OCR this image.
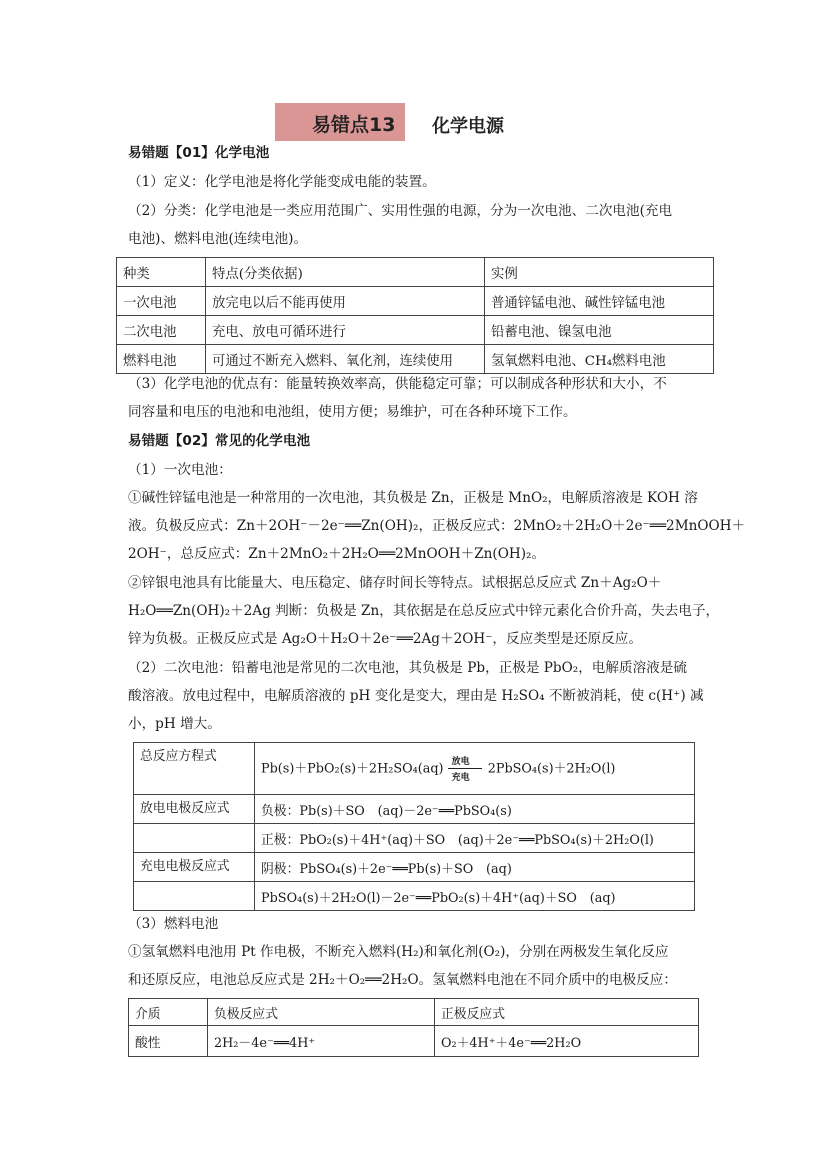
易错点13 化学电源
易错题【01】化学电池
（1）定义：化学电池是将化学能变成电能的装置。
（2）分类：化学电池是一类应用范围广、实用性强的电源，分为一次电池、二次电池(充电
电池)、燃料电池(连续电池)。
种类	特点(分类依据)	实例
一次电池	放完电以后不能再使用	普通锌锰电池、碱性锌锰电池
二次电池	充电、放电可循环进行	铅蓄电池、镍氢电池
燃料电池	可通过不断充入燃料、氧化剂，连续使用	氢氧燃料电池、CH₄燃料电池
（3）化学电池的优点有：能量转换效率高，供能稳定可靠；可以制成各种形状和大小，不
同容量和电压的电池和电池组，使用方便；易维护，可在各种环境下工作。
易错题【02】常见的化学电池
（1）一次电池：
①碱性锌锰电池是一种常用的一次电池，其负极是 Zn，正极是 MnO₂，电解质溶液是 KOH 溶
液。负极反应式：Zn＋2OH⁻－2e⁻══Zn(OH)₂，正极反应式：2MnO₂＋2H₂O＋2e⁻══2MnOOH＋
2OH⁻，总反应式：Zn＋2MnO₂＋2H₂O══2MnOOH＋Zn(OH)₂。
②锌银电池具有比能量大、电压稳定、储存时间长等特点。试根据总反应式 Zn＋Ag₂O＋
H₂O══Zn(OH)₂＋2Ag 判断：负极是 Zn，其依据是在总反应式中锌元素化合价升高，失去电子，
锌为负极。正极反应式是 Ag₂O＋H₂O＋2e⁻══2Ag＋2OH⁻，反应类型是还原反应。
（2）二次电池：铅蓄电池是常见的二次电池，其负极是 Pb，正极是 PbO₂，电解质溶液是硫
酸溶液。放电过程中，电解质溶液的 pH 变化是变大，理由是 H₂SO₄ 不断被消耗，使 c(H⁺) 减
小，pH 增大。
总反应方程式	Pb(s)＋PbO₂(s)＋2H₂SO₄(aq) 放电
充电
2PbSO₄(s)＋2H₂O(l)
放电电极反应式	负极：Pb(s)＋SO　(aq)－2e⁻══PbSO₄(s)
	正极：PbO₂(s)＋4H⁺(aq)＋SO　(aq)＋2e⁻══PbSO₄(s)＋2H₂O(l)
充电电极反应式	阴极：PbSO₄(s)＋2e⁻══Pb(s)＋SO　(aq)
	PbSO₄(s)＋2H₂O(l)－2e⁻══PbO₂(s)＋4H⁺(aq)＋SO　(aq)
（3）燃料电池
①氢氧燃料电池用 Pt 作电极，不断充入燃料(H₂)和氧化剂(O₂)，分别在两极发生氧化反应
和还原反应，电池总反应式是 2H₂＋O₂══2H₂O。氢氧燃料电池在不同介质中的电极反应：
介质	负极反应式	正极反应式
酸性	2H₂－4e⁻══4H⁺	O₂＋4H⁺＋4e⁻══2H₂O
